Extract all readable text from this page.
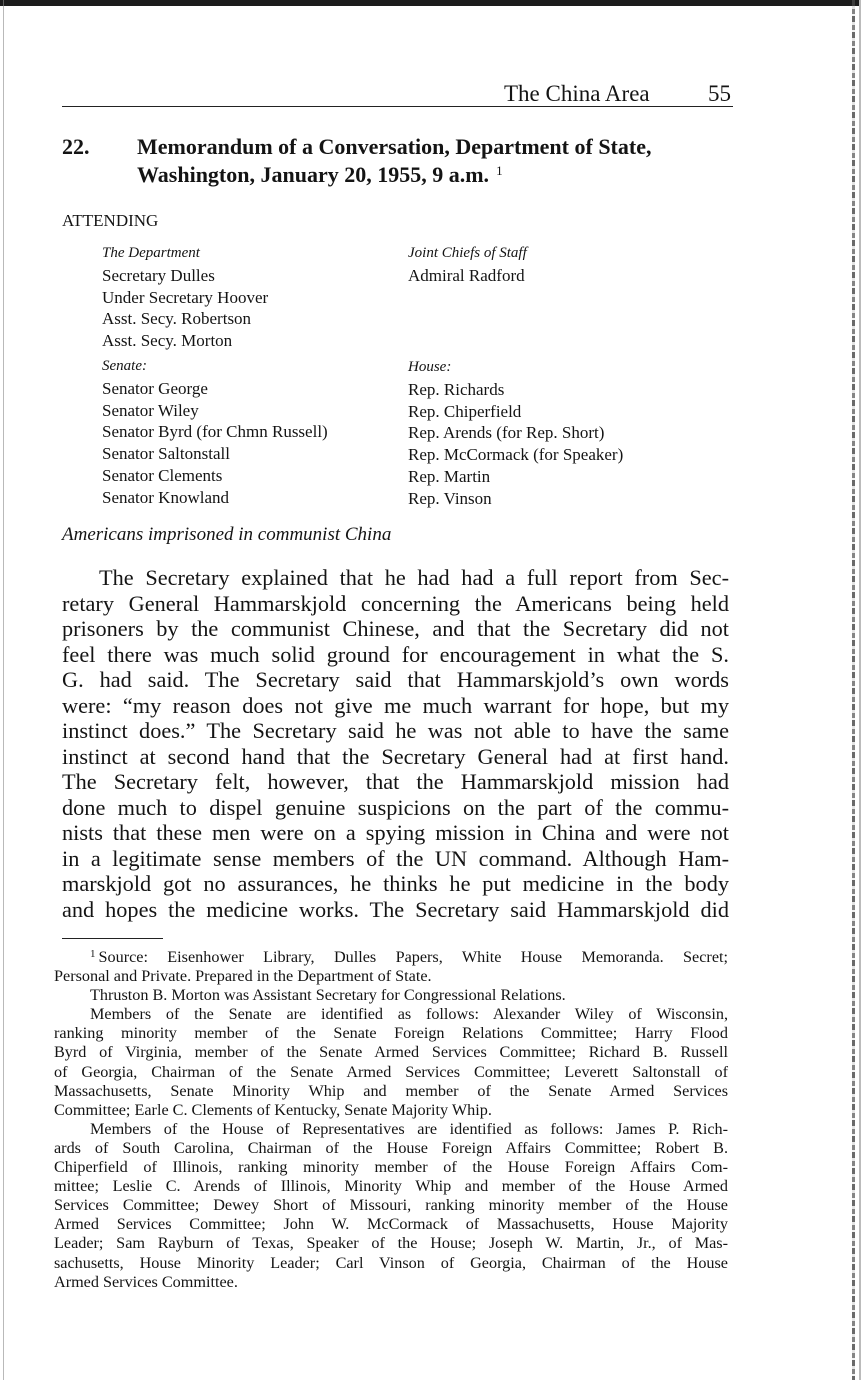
The China Area	55
22. Memorandum of a Conversation, Department of State,
Washington, January 20, 1955, 9 a.m. $^1$
ATTENDING
The Department
Secretary Dulles
Under Secretary Hoover
Asst. Secy. Robertson
Asst. Secy. Morton
Joint Chiefs of Staff
Admiral Radford
Senate:
Senator George
Senator Wiley
Senator Byrd (for Chmn Russell)
Senator Saltonstall
Senator Clements
Senator Knowland
House:
Rep. Richards
Rep. Chiperfield
Rep. Arends (for Rep. Short)
Rep. McCormack (for Speaker)
Rep. Martin
Rep. Vinson
Americans imprisoned in communist China
The Secretary explained that he had had a full report from Sec-
retary General Hammarskjold concerning the Americans being held
prisoners by the communist Chinese, and that the Secretary did not
feel there was much solid ground for encouragement in what the S.
G. had said. The Secretary said that Hammarskjold’s own words
were: “my reason does not give me much warrant for hope, but my
instinct does.” The Secretary said he was not able to have the same
instinct at second hand that the Secretary General had at first hand.
The Secretary felt, however, that the Hammarskjold mission had
done much to dispel genuine suspicions on the part of the commu-
nists that these men were on a spying mission in China and were not
in a legitimate sense members of the UN command. Although Ham-
marskjold got no assurances, he thinks he put medicine in the body
and hopes the medicine works. The Secretary said Hammarskjold did
$^1$ Source: Eisenhower Library, Dulles Papers, White House Memoranda. Secret;
Personal and Private. Prepared in the Department of State.
Thruston B. Morton was Assistant Secretary for Congressional Relations.
Members of the Senate are identified as follows: Alexander Wiley of Wisconsin,
ranking minority member of the Senate Foreign Relations Committee; Harry Flood
Byrd of Virginia, member of the Senate Armed Services Committee; Richard B. Russell
of Georgia, Chairman of the Senate Armed Services Committee; Leverett Saltonstall of
Massachusetts, Senate Minority Whip and member of the Senate Armed Services
Committee; Earle C. Clements of Kentucky, Senate Majority Whip.
Members of the House of Representatives are identified as follows: James P. Rich-
ards of South Carolina, Chairman of the House Foreign Affairs Committee; Robert B.
Chiperfield of Illinois, ranking minority member of the House Foreign Affairs Com-
mittee; Leslie C. Arends of Illinois, Minority Whip and member of the House Armed
Services Committee; Dewey Short of Missouri, ranking minority member of the House
Armed Services Committee; John W. McCormack of Massachusetts, House Majority
Leader; Sam Rayburn of Texas, Speaker of the House; Joseph W. Martin, Jr., of Mas-
sachusetts, House Minority Leader; Carl Vinson of Georgia, Chairman of the House
Armed Services Committee.
